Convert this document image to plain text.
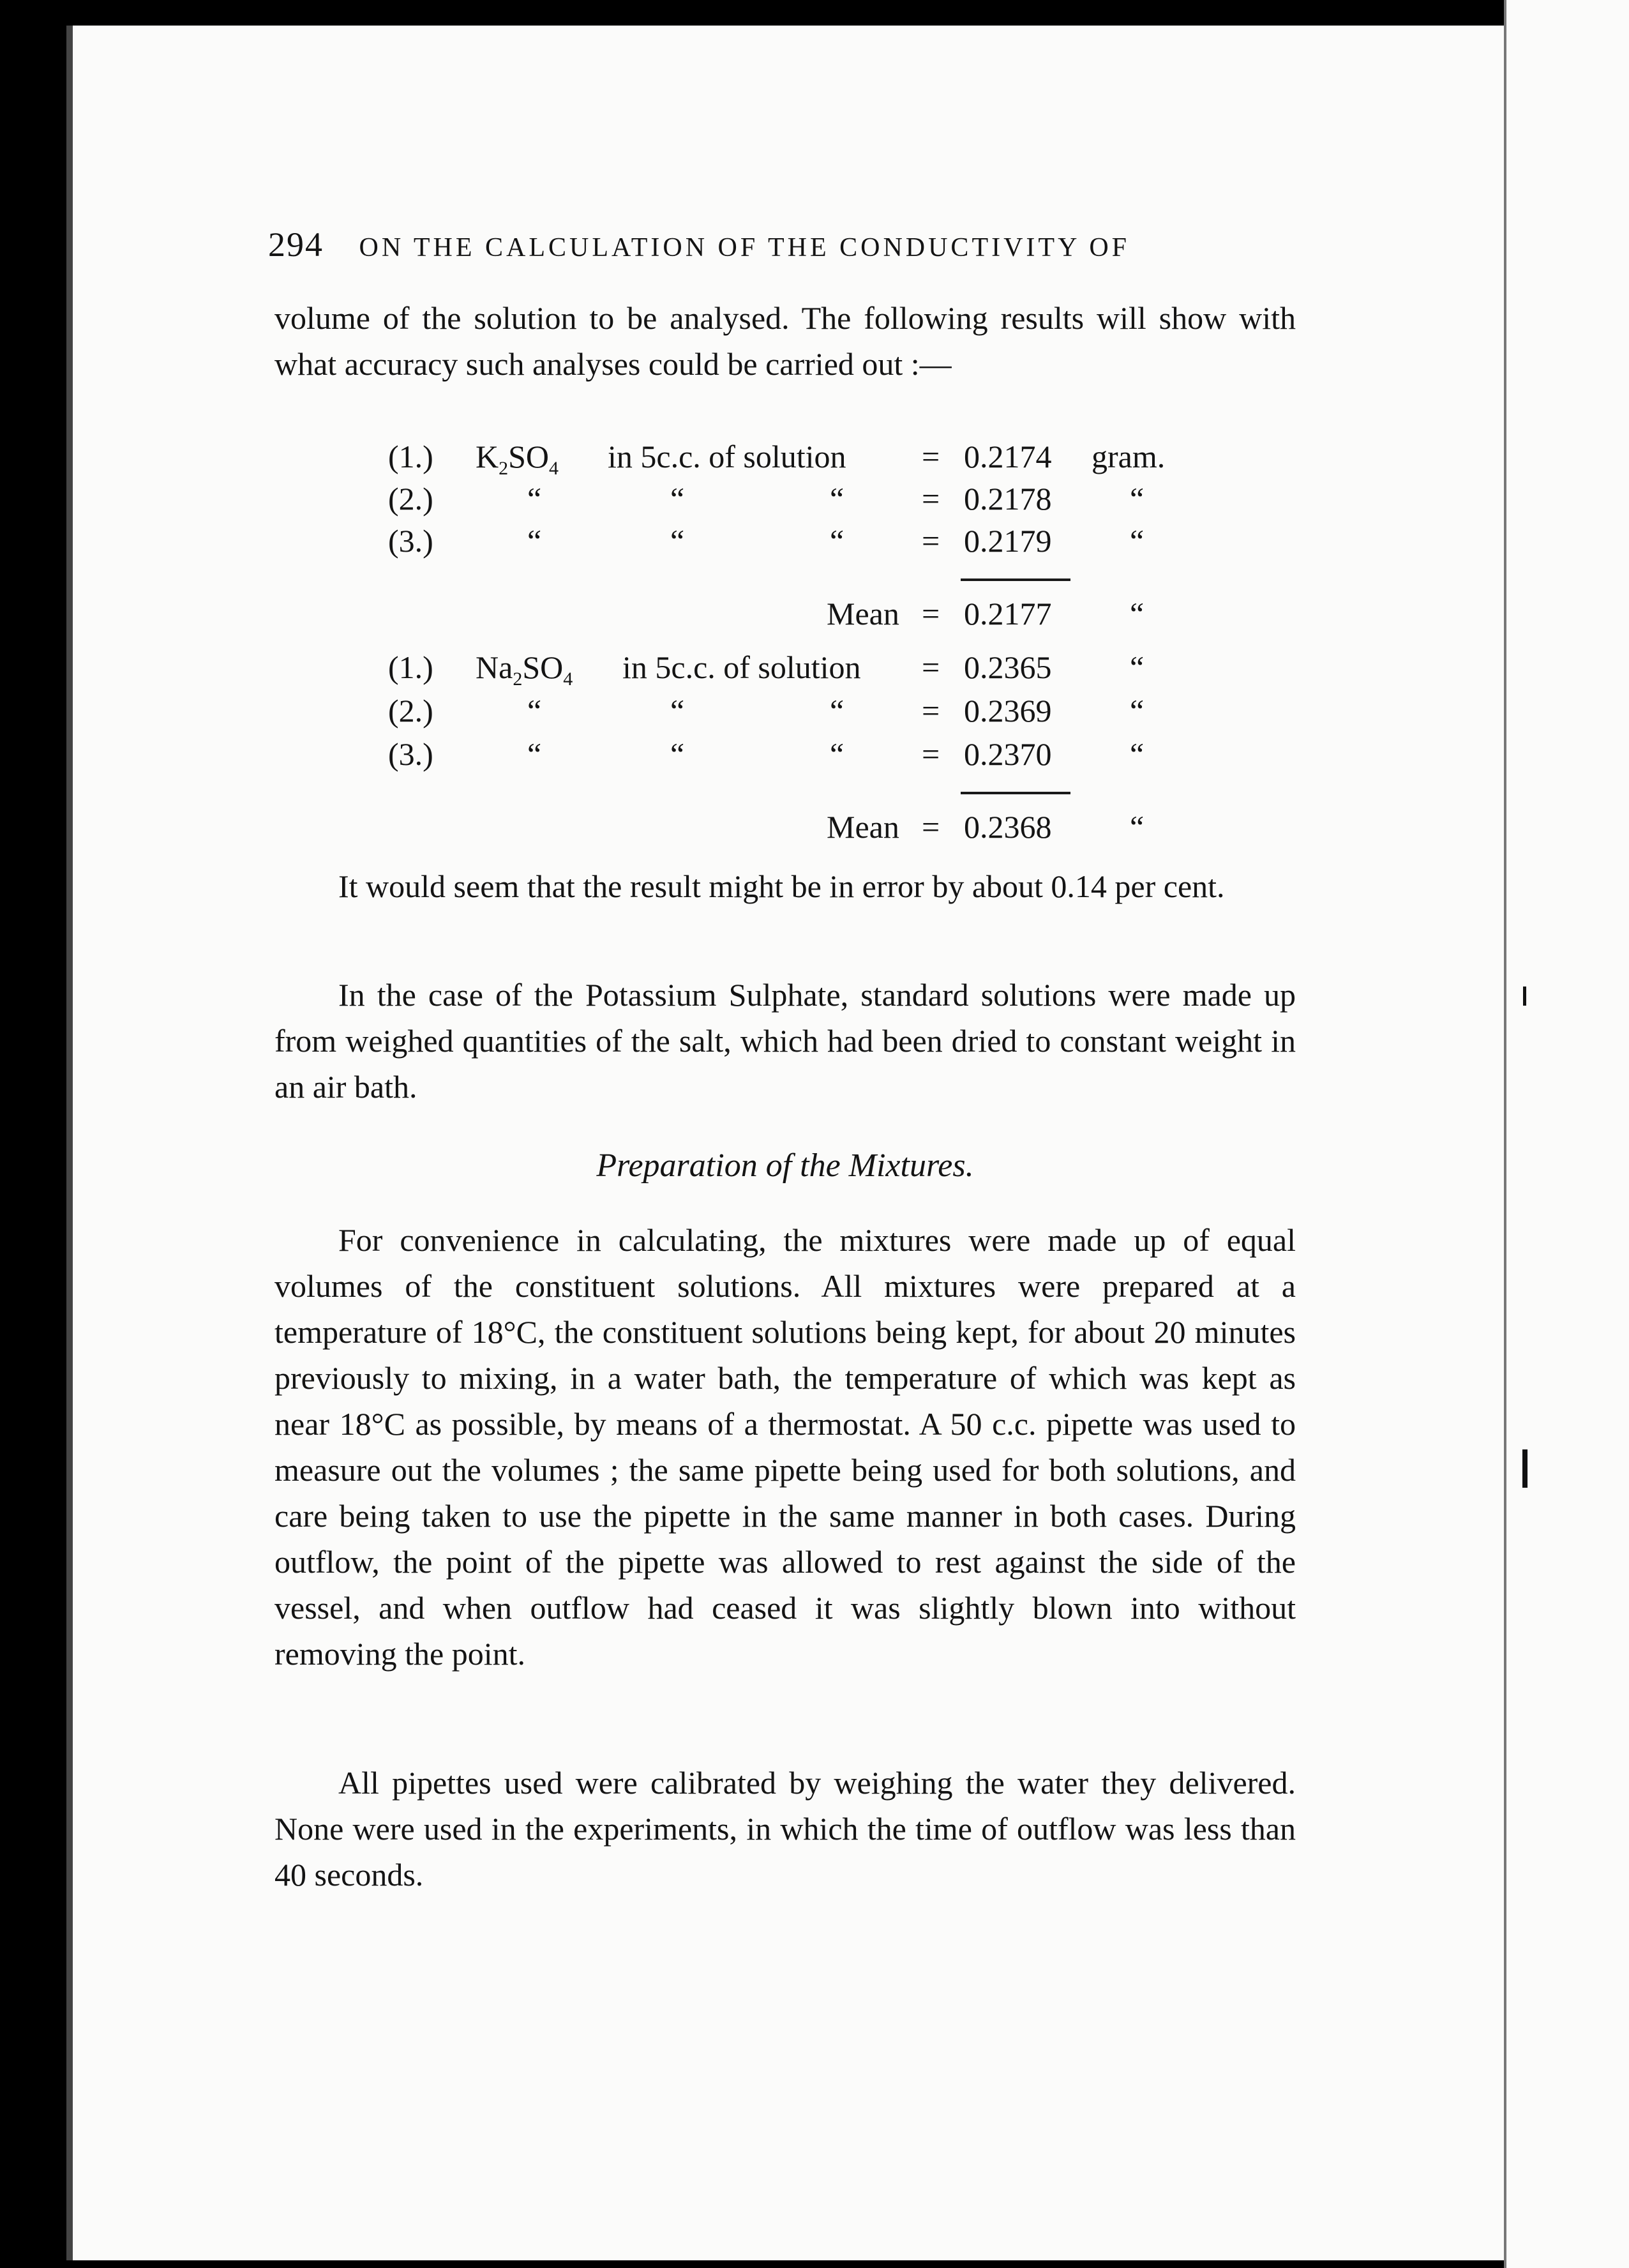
294 ON THE CALCULATION OF THE CONDUCTIVITY OF
volume of the solution to be analysed. The following results will show with what accuracy such analyses could be carried out :—
(1.) $K_2SO_4$ in 5c.c. of solution = 0.2174 gram.
(2.)	“	“	“ = 0.2178 “
(3.)	“	“	“ = 0.2179 “
Mean = 0.2177 “
(1.) $Na_2SO_4$ in 5c.c. of solution = 0.2365 “
(2.)	“	“	“ = 0.2369 “
(3.)	“	“	“ = 0.2370 “
Mean = 0.2368 “
It would seem that the result might be in error by about 0.14 per cent.
In the case of the Potassium Sulphate, standard solutions were made up from weighed quantities of the salt, which had been dried to constant weight in an air bath.
Preparation of the Mixtures.
For convenience in calculating, the mixtures were made up of equal volumes of the constituent solutions. All mixtures were prepared at a temperature of 18°C, the constituent solutions being kept, for about 20 minutes previously to mixing, in a water bath, the temperature of which was kept as near 18°C as possible, by means of a thermostat. A 50 c.c. pipette was used to measure out the volumes ; the same pipette being used for both solutions, and care being taken to use the pipette in the same manner in both cases. During outflow, the point of the pipette was allowed to rest against the side of the vessel, and when outflow had ceased it was slightly blown into without removing the point.
All pipettes used were calibrated by weighing the water they delivered. None were used in the experiments, in which the time of outflow was less than 40 seconds.
